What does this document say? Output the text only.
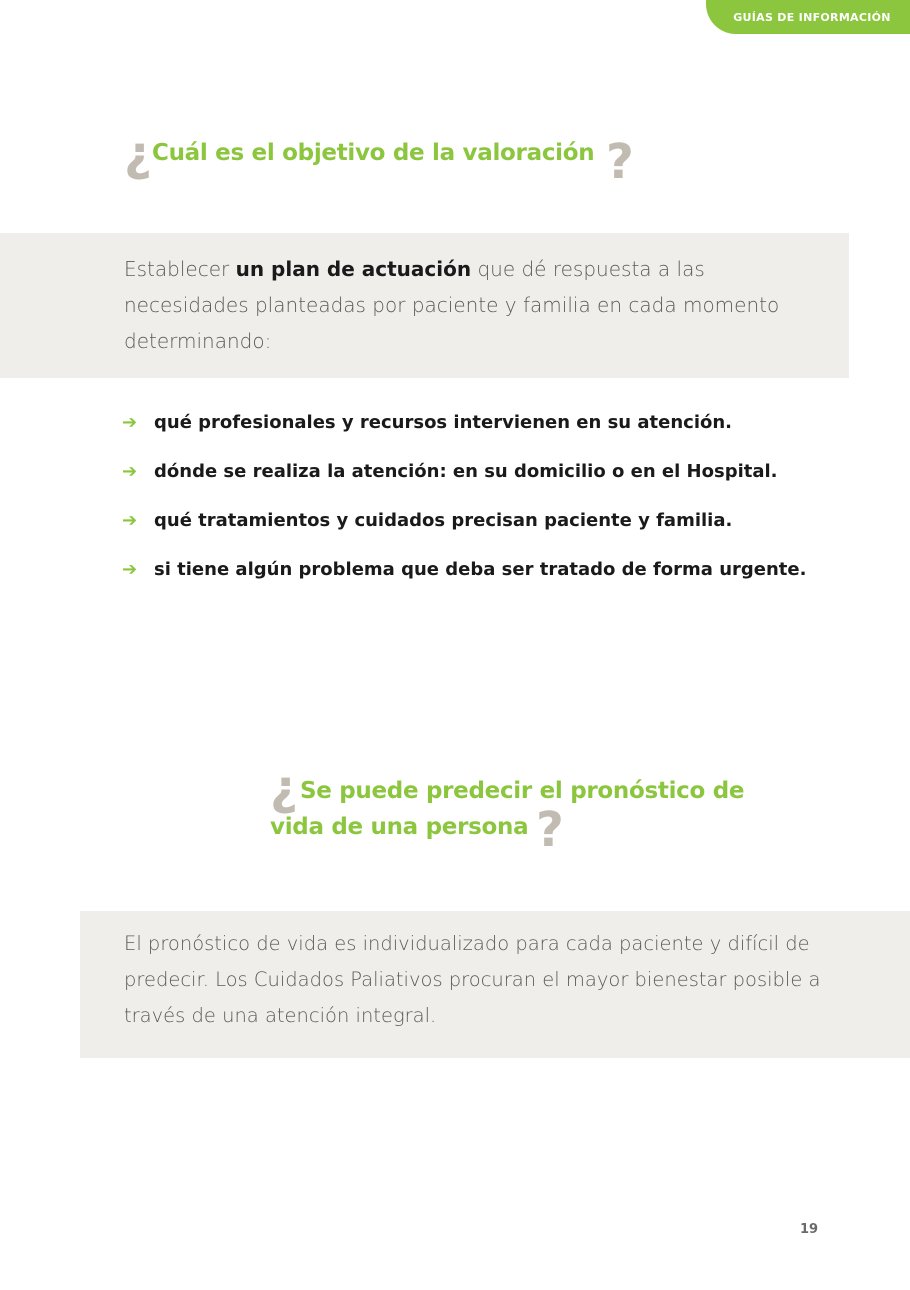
GUÍAS DE INFORMACIÓN
¿ Cuál es el objetivo de la valoración ?
Establecer un plan de actuación que dé respuesta a las necesidades planteadas por paciente y familia en cada momento determinando:
➔ qué profesionales y recursos intervienen en su atención.
➔ dónde se realiza la atención: en su domicilio o en el Hospital.
➔ qué tratamientos y cuidados precisan paciente y familia.
➔ si tiene algún problema que deba ser tratado de forma urgente.
¿ Se puede predecir el pronóstico de
vida de una persona ?
El pronóstico de vida es individualizado para cada paciente y difícil de predecir. Los Cuidados Paliativos procuran el mayor bienestar posible a través de una atención integral.
19
